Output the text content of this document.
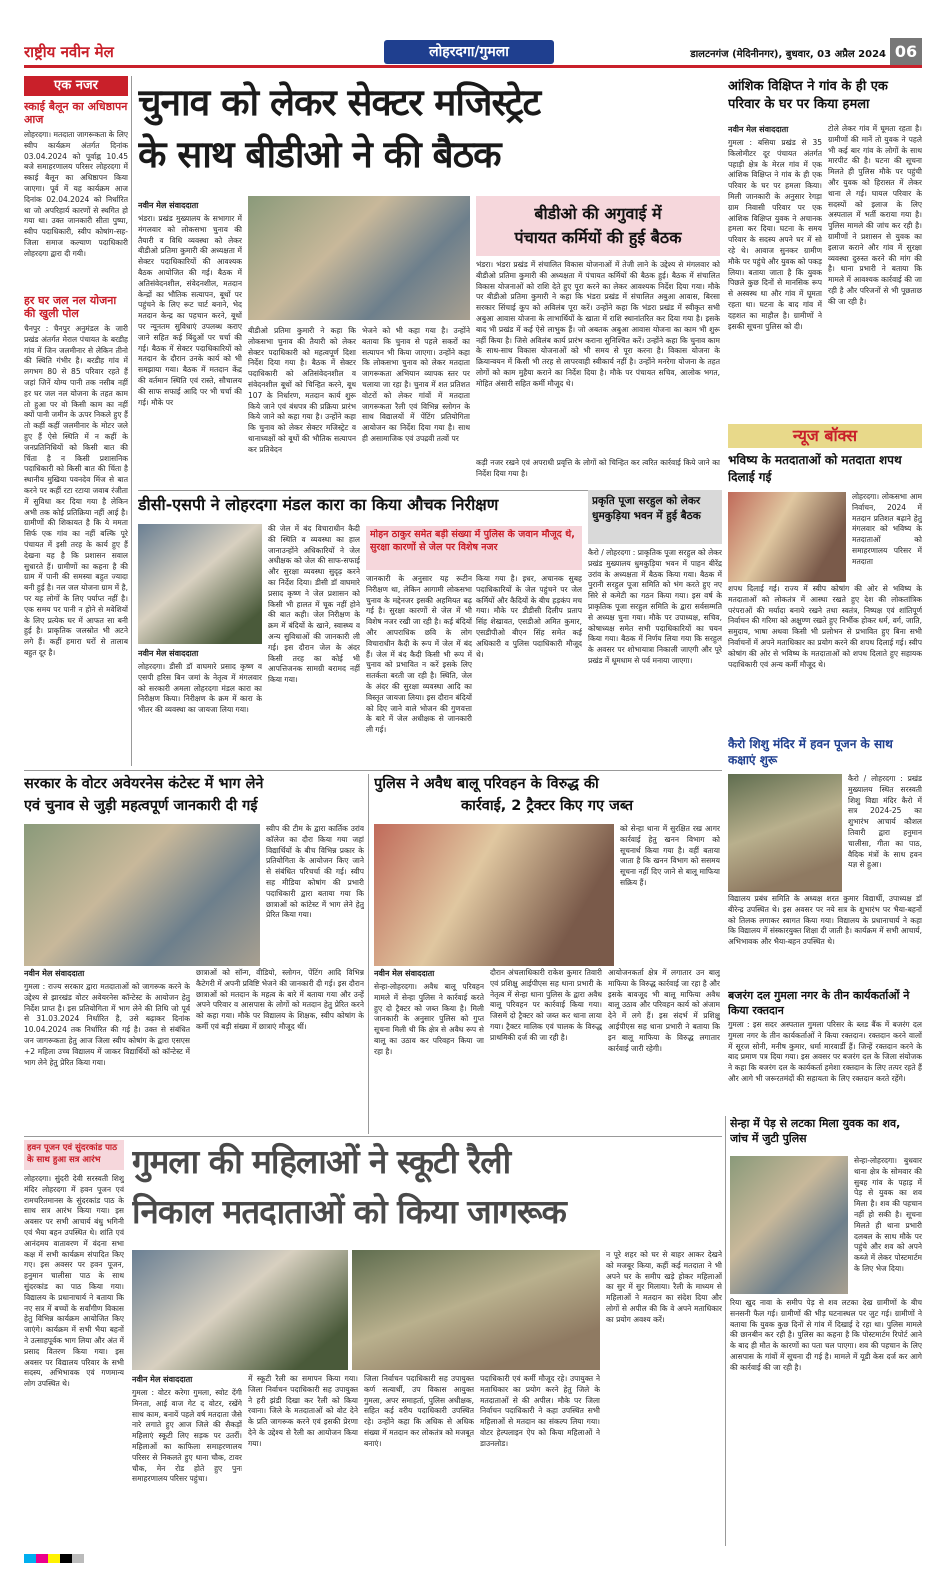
राष्ट्रीय नवीन मेल	लोहरदगा/गुमला	डालटनगंज (मेदिनीनगर), बुधवार, 03 अप्रैल 2024 06
एक नजर
स्काई बैलून का अधिष्ठापन आज
लोहरदगा। मतदाता जागरूकता के लिए स्वीप कार्यक्रम अंतर्गत दिनांक 03.04.2024 को पूर्वाह्न 10.45 बजे समाहरणालय परिसर लोहरदगा में स्काई बैलून का अधिष्ठापन किया जाएगा। पूर्व में यह कार्यक्रम आज दिनांक 02.04.2024 को निर्धारित था जो अपरिहार्य कारणों से स्थगित हो गया था। उक्त जानकारी सीता पुष्पा, स्वीप पदाधिकारी, स्वीप कोषांग-सह-जिला समाज कल्याण पदाधिकारी लोहरदगा द्वारा दी गयी।
हर घर जल नल योजना की खुली पोल
चैनपुर : चैनपुर अनुमंडल के जारी प्रखंड अंतर्गत मेराल पंचायत के बरडीह गांव में जिन जलमीनार से लेकिन तीनो की स्थिति गंभीर है। बरडीह गांव में लगभग 80 से 85 परिवार रहते हैं जहां जिनें योग्य पानी तक नसीब नहीं हर घर जल नल योजना के तहत काम तो हुआ पर वो किसी काम का नहीं क्यों पानी जमीन के ऊपर निकले हुए हैं तो कहीं कहीं जलमीनार के मोटर जले हुए हैं ऐसे स्थिति में न कहीं के जनप्रतिनिधियों को किसी बात की चिंता है न किसी प्रशासनिक पदाधिकारी को किसी बात की चिंता है स्थानीय मुखिया पवनदेव मिंज से बात करने पर कहीं रटा रटाया जवाब रंजीता में सुविधा कर दिया गया है लेकिन अभी तक कोई प्रतिक्रिया नहीं आई है। ग्रामीणों की शिकायत है कि ये ममता सिर्फ एक गांव का नहीं बल्कि पूरे पंचायत में इसी तरह के कार्य हुए हैं देखना यह है कि प्रशासन सवाल सुधारते हैं। ग्रामीणों का कहना है की ग्राम में पानी की समस्या बहुत ज्यादा बनी हुई है। नल जल योजना ग्राम में है, पर यह लोगों के लिए पर्याप्त नहीं है। एक समय पर पानी न होने से मवेशियों के लिए प्रत्येक घर में आफत सा बनी हुई है। प्राकृतिक जलस्रोत भी अटने लगे हैं। कहीं हमारा घरों से तालाब बहुत दूर है।
चुनाव को लेकर सेक्टर मजिस्ट्रेट
के साथ बीडीओ ने की बैठक
नवीन मेल संवाददाता
भंडरा। प्रखंड मुख्यालय के सभागार में मंगलवार को लोकसभा चुनाव की तैयारी व विधि व्यवस्था को लेकर बीडीओ प्रतिमा कुमारी की अध्यक्षता में सेक्टर पदाधिकारियों की आवश्यक बैठक आयोजित की गई। बैठक में अतिसंवेदनशील, संवेदनशील, मतदान केन्द्रों का भौतिक सत्यापन, बूथों पर पहुंचने के लिए रूट चार्ट बनाने, भेद मतदान केन्द्र का पहचान करने, बूथों पर न्यूनतम सुविधाएं उपलब्ध कराए जाने सहित कई बिंदुओं पर चर्चा की गई। बैठक में सेक्टर पदाधिकारियों को मतदान के दौरान उनके कार्य को भी समझाया गया। बैठक में मतदान केंद्र की वर्तमान स्थिति एवं रास्ते, सौचालय की साफ सफाई आदि पर भी चर्चा की गई। मौके पर
बीडीओ प्रतिमा कुमारी ने कहा कि लोकसभा चुनाव की तैयारी को लेकर सेक्टर पदाधिकारी को महत्वपूर्ण दिशा निर्देश दिया गया है। बैठक में सेक्टर पदाधिकारी को अतिसंवेदनशील व संवेदनशील बूथों को चिन्हित करने, बूथ 107 के निर्धारण, मतदान कार्य शुरू किये जाने एवं बंधपत्र की प्रक्रिया प्रारंभ किये जाने को कहा गया है। उन्होंने कहा कि चुनाव को लेकर सेक्टर मजिस्ट्रेट व थानाध्यक्षों को बूथों की भौतिक सत्यापन कर प्रतिवेदन
भेजने को भी कहा गया है। उन्होंने बताया कि चुनाव से पहले सकरों का सत्यापन भी किया जाएगा। उन्होंने कहा कि लोकसभा चुनाव को लेकर मतदाता जागरूकता अभियान व्यापक स्तर पर चलाया जा रहा है। चुनाव में शत प्रतिशत वोटरों को लेकर गांवों में मतदाता जागरूकता रैली एवं विभिन्न स्लोगन के साथ विद्यालयों में पेंटिंग प्रतियोगिता आयोजन का निर्देश दिया गया है। साथ ही असामाजिक एवं उपद्रवी तत्वों पर
बीडीओ की अगुवाई में
पंचायत कर्मियों की हुई बैठक
भंडरा। भंडरा प्रखंड में संचालित विकास योजनाओं में तेजी लाने के उद्देश्य से मंगलवार को बीडीओ प्रतिमा कुमारी की अध्यक्षता में पंचायत कर्मियों की बैठक हुई। बैठक में संचालित विकास योजनाओं को राशि देते हुए पूरा करने का लेकर आवश्यक निर्देश दिया गया। मौके पर बीडीओ प्रतिमा कुमारी ने कहा कि भंडरा प्रखंड में संचालित अबुआ आवास, बिरसा सरकार सिंचाई कूप को अविलंब पूरा करें। उन्होंने कहा कि भंडरा प्रखंड में स्वीकृत सभी अबुआ आवास योजना के लाभार्थियों के खाता में राशि स्थानांतरित कर दिया गया है। इसके बाद भी प्रखंड में कई ऐसे लाभुक हैं। जो अबतक अबुआ आवास योजना का काम भी शुरू नहीं किया है। जिसे अविलंब कार्य प्रारंभ कराना सुनिश्चित करें। उन्होंने कहा कि चुनाव काम के साथ-साथ विकास योजनाओं को भी समय से पूरा करना है। विकास योजना के क्रियान्वयन में किसी भी तरह से लापरवाही स्वीकार्य नहीं है। उन्होंने मनरेगा योजना के तहत लोगों को काम मुहैया कराने का निर्देश दिया है। मौके पर पंचायत सचिव, आलोक भगत, मोहित अंसारी सहित कर्मी मौजूद थे।
कड़ी नजर रखने एवं अपराधी प्रवृत्ति के लोगों को चिन्हित कर त्वरित कार्रवाई किये जाने का निर्देश दिया गया है।
आंशिक विक्षिप्त ने गांव के ही एक परिवार के घर पर किया हमला
नवीन मेल संवाददाता
गुमला : बसिया प्रखंड से 35 किलोमीटर दूर पंचायत अंतर्गत पहाड़ी क्षेत्र के मेरल गांव में एक आंशिक विक्षिप्त ने गांव के ही एक परिवार के घर पर हमला किया। मिली जानकारी के अनुसार रेगड़ा ग्राम निवासी परिवार पर एक आंशिक विक्षिप्त युवक ने अचानक हमला कर दिया। घटना के समय परिवार के सदस्य अपने घर में सो रहे थे। आवाज सुनकर ग्रामीण मौके पर पहुंचे और युवक को पकड़ लिया। बताया जाता है कि युवक पिछले कुछ दिनों से मानसिक रूप से अस्वस्थ था और गांव में घूमता रहता था। घटना के बाद गांव में दहशत का माहौल है। ग्रामीणों ने इसकी सूचना पुलिस को दी।
टोले लेकर गांव में घूमता रहता है। ग्रामीणों की मानें तो युवक ने पहले भी कई बार गांव के लोगों के साथ मारपीट की है। घटना की सूचना मिलते ही पुलिस मौके पर पहुंची और युवक को हिरासत में लेकर थाना ले गई। घायल परिवार के सदस्यों को इलाज के लिए अस्पताल में भर्ती कराया गया है। पुलिस मामले की जांच कर रही है। ग्रामीणों ने प्रशासन से युवक का इलाज कराने और गांव में सुरक्षा व्यवस्था दुरुस्त करने की मांग की है। थाना प्रभारी ने बताया कि मामले में आवश्यक कार्रवाई की जा रही है और परिजनों से भी पूछताछ की जा रही है।
न्यूज बॉक्स
भविष्य के मतदाताओं को मतदाता शपथ दिलाई गई
लोहरदगा। लोकसभा आम निर्वाचन, 2024 में मतदान प्रतिशत बढ़ाने हेतु मंगलवार को भविष्य के मतदाताओं को समाहरणालय परिसर में मतदाता
शपथ दिलाई गई। राज्य में स्वीप कोषांग की ओर से भविष्य के मतदाताओं को लोकतंत्र में आस्था रखते हुए देश की लोकतांत्रिक परंपराओं की मर्यादा बनाये रखने तथा स्वतंत्र, निष्पक्ष एवं शांतिपूर्ण निर्वाचन की गरिमा को अक्षुण्ण रखते हुए निर्भीक होकर धर्म, वर्ग, जाति, समुदाय, भाषा अथवा किसी भी प्रलोभन से प्रभावित हुए बिना सभी निर्वाचनों में अपने मताधिकार का प्रयोग करने की शपथ दिलाई गई। स्वीप कोषांग की ओर से भविष्य के मतदाताओं को शपथ दिलाते हुए सहायक पदाधिकारी एवं अन्य कर्मी मौजूद थे।
कैरो शिशु मंदिर में हवन पूजन के साथ कक्षाएं शुरू
कैरो / लोहरदगा : प्रखंड मुख्यालय स्थित सरस्वती शिशु विद्या मंदिर कैरो में सत्र 2024-25 का शुभारंभ आचार्य कौशल तिवारी द्वारा हनुमान चालीसा, गीता का पाठ, वैदिक मंत्रों के साथ हवन यज्ञ से हुआ।
विद्यालय प्रबंध समिति के अध्यक्ष शरत कुमार विद्यार्थी, उपाध्यक्ष डॉ बीरेन्द्र उपस्थित थे। इस अवसर पर नये सत्र के शुभारंभ पर भैया-बहनों को तिलक लगाकर स्वागत किया गया। विद्यालय के प्रधानाचार्य ने कहा कि विद्यालय में संस्कारयुक्त शिक्षा दी जाती है। कार्यक्रम में सभी आचार्य, अभिभावक और भैया-बहन उपस्थित थे।
बजरंग दल गुमला नगर के तीन कार्यकर्ताओं ने किया रक्तदान
गुमला : इस सदर अस्पताल गुमला परिसर के ब्लड बैंक में बजरंग दल गुमला नगर के तीन कार्यकर्ताओं ने किया रक्तदान। रक्तदान करने वालों में सूरज सोनी, मनीष कुमार, धर्मा मारवार्डी हैं। जिन्हें रक्तदान करने के बाद प्रमाण पत्र दिया गया। इस अवसर पर बजरंग दल के जिला संयोजक ने कहा कि बजरंग दल के कार्यकर्ता हमेशा रक्तदान के लिए तत्पर रहते हैं और आगे भी जरूरतमंदों की सहायता के लिए रक्तदान करते रहेंगे।
डीसी-एसपी ने लोहरदगा मंडल कारा का किया औचक निरीक्षण
नवीन मेल संवाददाता
लोहरदगा। डीसी डॉ वाघमारे प्रसाद कृष्ण व एसपी हरिस बिन जमां के नेतृत्व में मंगलवार को सरकारी अमला लोहरदगा मंडल कारा का निरीक्षण किया। निरीक्षण के क्रम में कारा के भीतर की व्यवस्था का जायजा लिया गया।
की जेल में बंद विचाराधीन कैदी की स्थिति व व्यवस्था का हाल जानाउन्होंने अधिकारियों ने जेल अधीक्षक को जेल की साफ-सफाई और सुरक्षा व्यवस्था सुदृढ़ करने का निर्देश दिया। डीसी डॉ वाघमारे प्रसाद कृष्ण ने जेल प्रशासन को किसी भी हालत में चूक नहीं होने की बात कही। जेल निरीक्षण के क्रम में बंदियों के खाने, स्वास्थ्य व अन्य सुविधाओं की जानकारी ली गई। इस दौरान जेल के अंदर किसी तरह का कोई भी आपत्तिजनक सामग्री बरामद नहीं किया गया।
मोहन ठाकुर समेत बड़ी संख्या में पुलिस के जवान मौजूद थे, सुरक्षा कारणों से जेल पर विशेष नजर
जानकारी के अनुसार यह रूटीन निरीक्षण था, लेकिन आगामी लोकसभा चुनाव के मद्देनजर इसकी अहमियत बढ़ गई है। सुरक्षा कारणों से जेल में भी विशेष नजर रखी जा रही है। कई बंदियों और आपराधिक छवि के लोग विचाराधीन कैदी के रूप में जेल में बंद हैं। जेल में बंद कैदी किसी भी रूप में चुनाव को प्रभावित न करें इसके लिए सतर्कता बरती जा रही है। स्थिति, जेल के अंदर की सुरक्षा व्यवस्था आदि का विस्तृत जायजा लिया। इस दौरान बंदियों को दिए जाने वाले भोजन की गुणवत्ता के बारे में जेल अधीक्षक से जानकारी ली गई।
किया गया है। इधर, अचानक सुबह पदाधिकारियों के जेल पहुंचने पर जेल कर्मियों और कैदियों के बीच हड़कंप मच गया। मौके पर डीडीसी दिलीप प्रताप सिंह शेखावत, एसडीओ अमित कुमार, एसडीपीओ बीएन सिंह समेत कई अधिकारी व पुलिस पदाधिकारी मौजूद थे।
प्रकृति पूजा सरहुल को लेकर धुमकुड़िया भवन में हुई बैठक
कैरो / लोहरदगा : प्राकृतिक पूजा सरहुल को लेकर प्रखंड मुख्यालय धुमकुड़िया भवन में पाहन बीरेंद्र उरांव के अध्यक्षता में बैठक किया गया। बैठक में पुरानी सरहुल पूजा समिति को भंग करते हुए नए सिरे से कमेटी का गठन किया गया। इस वर्ष के प्राकृतिक पूजा सरहुल समिति के द्वारा सर्वसम्मति से अध्यक्ष चुना गया। मौके पर उपाध्यक्ष, सचिव, कोषाध्यक्ष समेत सभी पदाधिकारियों का चयन किया गया। बैठक में निर्णय लिया गया कि सरहुल के अवसर पर शोभायात्रा निकाली जाएगी और पूरे प्रखंड में धूमधाम से पर्व मनाया जाएगा।
सरकार के वोटर अवेयरनेस कंटेस्ट में भाग लेने
एवं चुनाव से जुड़ी महत्वपूर्ण जानकारी दी गई
स्वीप की टीम के द्वारा कार्तिक उरांव कॉलेज का दौरा किया गया जहां विद्यार्थियों के बीच विभिन्न प्रकार के प्रतियोगिता के आयोजन किए जाने से संबंधित परिचर्चा की गई। स्वीप सह मीडिया कोषांग की प्रभारी पदाधिकारी द्वारा बताया गया कि छात्राओं को कांटेस्ट में भाग लेने हेतु प्रेरित किया गया।
नवीन मेल संवाददाता
गुमला : राज्य सरकार द्वारा मतदाताओं को जागरूक करने के उद्देश्य से झारखंड वोटर अवेयरनेस कॉन्टेस्ट के आयोजन हेतु निर्देश प्राप्त है। इस प्रतियोगिता में भाग लेने की तिथि जो पूर्व से 31.03.2024 निर्धारित है, उसे बढ़ाकर दिनांक 10.04.2024 तक निर्धारित की गई है। उक्त से संबंधित जन जागरूकता हेतु आज जिला स्वीप कोषांग के द्वारा एसएस +2 महिला उच्च विद्यालय में जाकर विद्यार्थियों को कॉन्टेस्ट में भाग लेने हेतु प्रेरित किया गया।
छात्राओं को सॉन्ग, वीडियो, स्लोगन, पेंटिंग आदि विभिन्न कैटेगरी में अपनी प्रविष्टि भेजने की जानकारी दी गई। इस दौरान छात्राओं को मतदान के महत्व के बारे में बताया गया और उन्हें अपने परिवार व आसपास के लोगों को मतदान हेतु प्रेरित करने को कहा गया। मौके पर विद्यालय के शिक्षक, स्वीप कोषांग के कर्मी एवं बड़ी संख्या में छात्राएं मौजूद थीं।
पुलिस ने अवैध बालू परिवहन के विरुद्ध की
कार्रवाई, 2 ट्रैक्टर किए गए जब्त
को सेन्हा थाना में सुरक्षित रख आगर कार्रवाई हेतु खनन विभाग को सूचनार्थ किया गया है। वहीं बताया जाता है कि खनन विभाग को ससमय सूचना नहीं दिए जाने से बालू माफिया सक्रिय हैं।
नवीन मेल संवाददाता
सेन्हा-लोहरदगा। अवैध बालू परिवहन मामले में सेन्हा पुलिस ने कार्रवाई करते हुए दो ट्रैक्टर को जब्त किया है। मिली जानकारी के अनुसार पुलिस को गुप्त सूचना मिली थी कि क्षेत्र से अवैध रूप से बालू का उठाव कर परिवहन किया जा रहा है।
दौरान अंचलाधिकारी राकेश कुमार तिवारी एवं प्रशिक्षु आईपीएस सह थाना प्रभारी के नेतृत्व में सेन्हा थाना पुलिस के द्वारा अवैध बालू परिवहन पर कार्रवाई किया गया। जिसमें दो ट्रैक्टर को जब्त कर थाना लाया गया। ट्रैक्टर मालिक एवं चालक के विरुद्ध प्राथमिकी दर्ज की जा रही है।
आयोजनकर्ता क्षेत्र में लगातार उन बालू माफिया के विरुद्ध कार्रवाई जा रहा है और इसके बावजूद भी बालू माफिया अवैध बालू उठाव और परिवहन कार्य को अंजाम देने में लगे हैं। इस संदर्भ में प्रशिक्षु आईपीएस सह थाना प्रभारी ने बताया कि इन बालू माफिया के विरुद्ध लगातार कार्रवाई जारी रहेगी।
हवन पूजन एवं सुंदरकांड पाठ के साथ हुआ सत्र आरंभ
लोहरदगा। सुंदरी देवी सरस्वती शिशु मंदिर लोहरदगा में हवन पूजन एवं रामचरितमानस के सुंदरकांड पाठ के साथ सत्र आरंभ किया गया। इस अवसर पर सभी आचार्य बंधु भगिनी एवं भैया बहन उपस्थित थे। शांति एवं आनंदमय वातावरण में वंदना सभा कक्ष में सभी कार्यक्रम संपादित किए गए। इस अवसर पर हवन पूजन, हनुमान चालीसा पाठ के साथ सुंदरकांड का पाठ किया गया। विद्यालय के प्रधानाचार्य ने बताया कि नए सत्र में बच्चों के सर्वांगीण विकास हेतु विभिन्न कार्यक्रम आयोजित किए जाएंगे। कार्यक्रम में सभी भैया बहनों ने उत्साहपूर्वक भाग लिया और अंत में प्रसाद वितरण किया गया। इस अवसर पर विद्यालय परिवार के सभी सदस्य, अभिभावक एवं गणमान्य लोग उपस्थित थे।
गुमला की महिलाओं ने स्कूटी रैली
निकाल मतदाताओं को किया जागरूक
नवीन मेल संवाददाता
गुमला : वोटर करेगा गुमला, स्वोट देंगी मिनता, आई वाज गेट द वोटर, रखेंगे साथ काम, बनायें पहले वर्ष मतदाता जैसे नारे लगाते हुए आज जिले की सैकड़ों महिलाएं स्कूटी लिए सड़क पर उतरीं। महिलाओं का काफिला समाहरणालय परिसर से निकलते हुए थाना चौक, टावर चौक, मेन रोड होते हुए पुनः समाहरणालय परिसर पहुंचा।
में स्कूटी रैली का समापन किया गया। जिला निर्वाचन पदाधिकारी सह उपायुक्त ने हरी झंडी दिखा कर रैली को किया रवाना। जिले के मतदाताओं को वोट देने के प्रति जागरूक करने एवं इसकी प्रेरणा देने के उद्देश्य से रैली का आयोजन किया गया।
जिला निर्वाचन पदाधिकारी सह उपायुक्त कर्ण सत्यार्थी, उप विकास आयुक्त गुमला, अपर समाहर्ता, पुलिस अधीक्षक, सहित कई वरीय पदाधिकारी उपस्थित रहे। उन्होंने कहा कि अधिक से अधिक संख्या में मतदान कर लोकतंत्र को मजबूत बनाएं।
पदाधिकारी एवं कर्मी मौजूद रहे। उपायुक्त ने मताधिकार का प्रयोग करने हेतु जिले के मतदाताओं से की अपील। मौके पर जिला निर्वाचन पदाधिकारी ने कहा उपस्थित सभी महिलाओं से मतदान का संकल्प लिया गया। वोटर हेल्पलाइन ऐप को किया महिलाओं ने डाउनलोड।
न पूरे शहर को घर से बाहर आकर देखने को मजबूर किया, कहीं कई मतदाता ने भी अपने घर के समीप खड़े होकर महिलाओं का सुर में सुर मिलाया। रैली के माध्यम से महिलाओं ने मतदान का संदेश दिया और लोगों से अपील की कि वे अपने मताधिकार का प्रयोग अवश्य करें।
सेन्हा में पेड़ से लटका मिला युवक का शव, जांच में जुटी पुलिस
सेन्हा-लोहरदगा। बुधवार थाना क्षेत्र के सोमवार की सुबह गांव के पहाड़ में पेड़ से युवक का शव मिला है। शव की पहचान नहीं हो सकी है। सूचना मिलते ही थाना प्रभारी दलबल के साथ मौके पर पहुंचे और शव को अपने कब्जे में लेकर पोस्टमार्टम के लिए भेज दिया।
रिया खुद नावा के समीप पेड़ से शव लटका देख ग्रामीणों के बीच सनसनी फैल गई। ग्रामीणों की भीड़ घटनास्थल पर जुट गई। ग्रामीणों ने बताया कि युवक कुछ दिनों से गांव में दिखाई दे रहा था। पुलिस मामले की छानबीन कर रही है। पुलिस का कहना है कि पोस्टमार्टम रिपोर्ट आने के बाद ही मौत के कारणों का पता चल पाएगा। शव की पहचान के लिए आसपास के गांवों में सूचना दी गई है। मामले में यूडी केस दर्ज कर आगे की कार्रवाई की जा रही है।
